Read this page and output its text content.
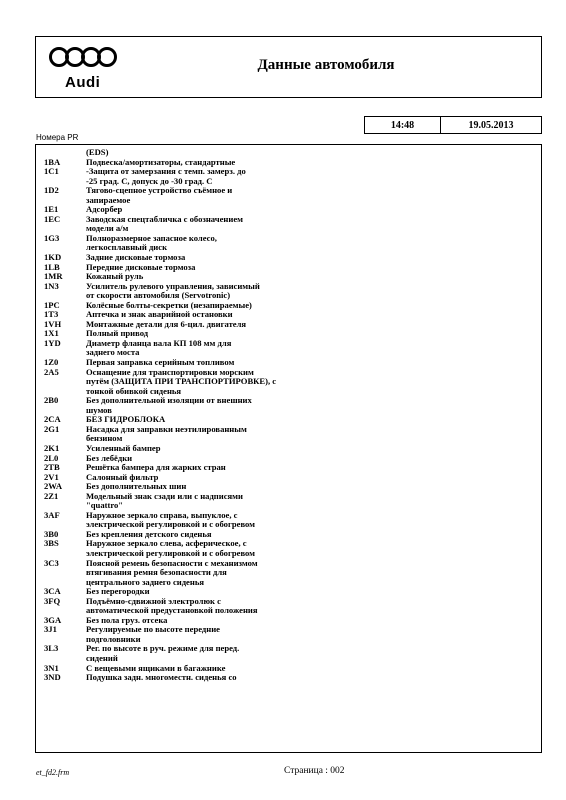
Audi
Данные автомобиля
14:48	19.05.2013
Номера PR
(EDS)
1BA	Подвеска/амортизаторы, стандартные
1C1	-Защита от замерзания с темп. замерз. до
-25 град. С, допуск до -30 град. С
1D2	Тягово-сцепное устройство съёмное и
запираемое
1E1	Адсорбер
1EC	Заводская спецтабличка с обозначением
модели а/м
1G3	Полноразмерное запасное колесо,
легкосплавный диск
1KD	Задние дисковые тормоза
1LB	Передние дисковые тормоза
1MR	Кожаный руль
1N3	Усилитель рулевого управления, зависимый
от скорости автомобиля (Servotronic)
1PC	Колёсные болты-секретки (незапираемые)
1T3	Аптечка и знак аварийной остановки
1VH	Монтажные детали для 6-цил. двигателя
1X1	Полный привод
1YD	Диаметр фланца вала КП 108 мм для
заднего моста
1Z0	Первая заправка серийным топливом
2A5	Оснащение для транспортировки морским
путём (ЗАЩИТА ПРИ ТРАНСПОРТИРОВКЕ), с
тонкой обивкой сиденья
2B0	Без дополнительной изоляции от внешних
шумов
2CA	БЕЗ ГИДРОБЛОКА
2G1	Насадка для заправки неэтилированным
бензином
2K1	Усиленный бампер
2L0	Без лебёдки
2TB	Решётка бампера для жарких стран
2V1	Салонный фильтр
2WA	Без дополнительных шин
2Z1	Модельный знак сзади или с надписями
"quattro"
3AF	Наружное зеркало справа, выпуклое, с
электрической регулировкой и с обогревом
3B0	Без крепления детского сиденья
3BS	Наружное зеркало слева, асферическое, с
электрической регулировкой и с обогревом
3C3	Поясной ремень безопасности с механизмом
втягивания ремня безопасности для
центрального заднего сиденья
3CA	Без перегородки
3FQ	Подъёмно-сдвижной электролюк с
автоматической предустановкой положения
3GA	Без пола груз. отсека
3J1	Регулируемые по высоте передние
подголовники
3L3	Рег. по высоте в руч. режиме для перед.
сидений
3N1	С вещевыми ящиками в багажнике
3ND	Подушка задн. многоместн. сиденья со
et_fd2.frm	Страница : 002
